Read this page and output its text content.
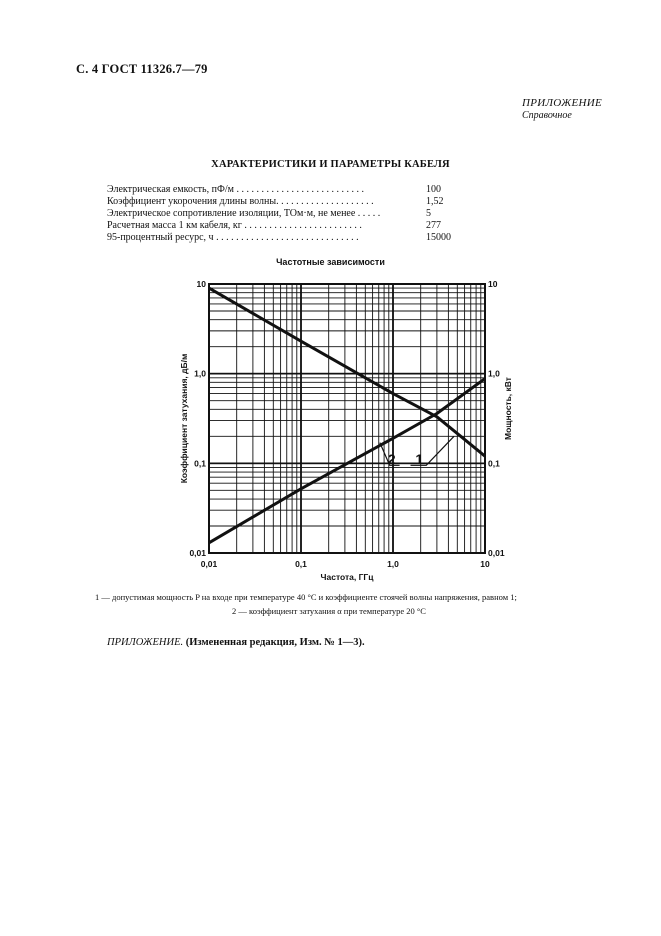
С. 4 ГОСТ 11326.7—79
ПРИЛОЖЕНИЕ
Справочное
ХАРАКТЕРИСТИКИ И ПАРАМЕТРЫ КАБЕЛЯ
Электрическая емкость, пФ/м . . . . . . . . . . . . . . . . . . . . . . . . . .	100
Коэффициент укорочения длины волны. . . . . . . . . . . . . . . . . . . .	1,52
Электрическое сопротивление изоляции, ТОм·м, не менее . . . . .	5
Расчетная масса 1 км кабеля, кг . . . . . . . . . . . . . . . . . . . . . . . .	277
95-процентный ресурс, ч . . . . . . . . . . . . . . . . . . . . . . . . . . . . .	15000
Частотные зависимости
0,01	0,1	1,0	10
0,01
0,1
1,0
10
0,01
0,1
1,0
10
Частота, ГГц
Коэффициент затухания, дБ/м	Мощность, кВт
2 1
1 — допустимая мощность P на входе при температуре 40 °С и коэффициенте стоячей волны напряжения, равном 1;
2 — коэффициент затухания α при температуре 20 °С
ПРИЛОЖЕНИЕ. (Измененная редакция, Изм. № 1—3).
